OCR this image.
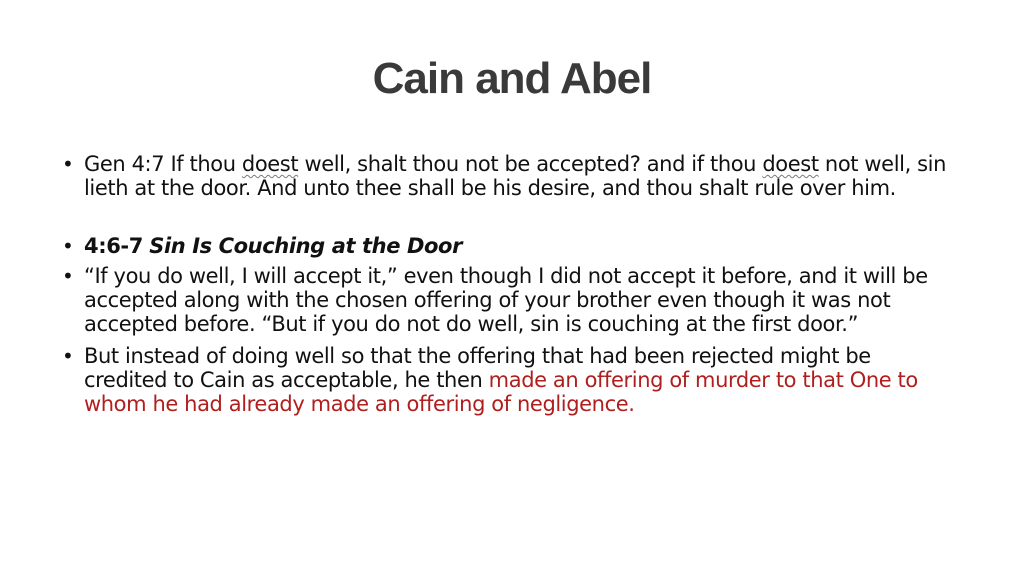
Cain and Abel
• Gen 4:7 If thou doest well, shalt thou not be accepted? and if thou doest not well, sin lieth at the door. And unto thee shall be his desire, and thou shalt rule over him.
• 4:6-7 Sin Is Couching at the Door
• “If you do well, I will accept it,” even though I did not accept it before, and it will be accepted along with the chosen offering of your brother even though it was not accepted before. “But if you do not do well, sin is couching at the first door.”
• But instead of doing well so that the offering that had been rejected might be credited to Cain as acceptable, he then made an offering of murder to that One to whom he had already made an offering of negligence.
